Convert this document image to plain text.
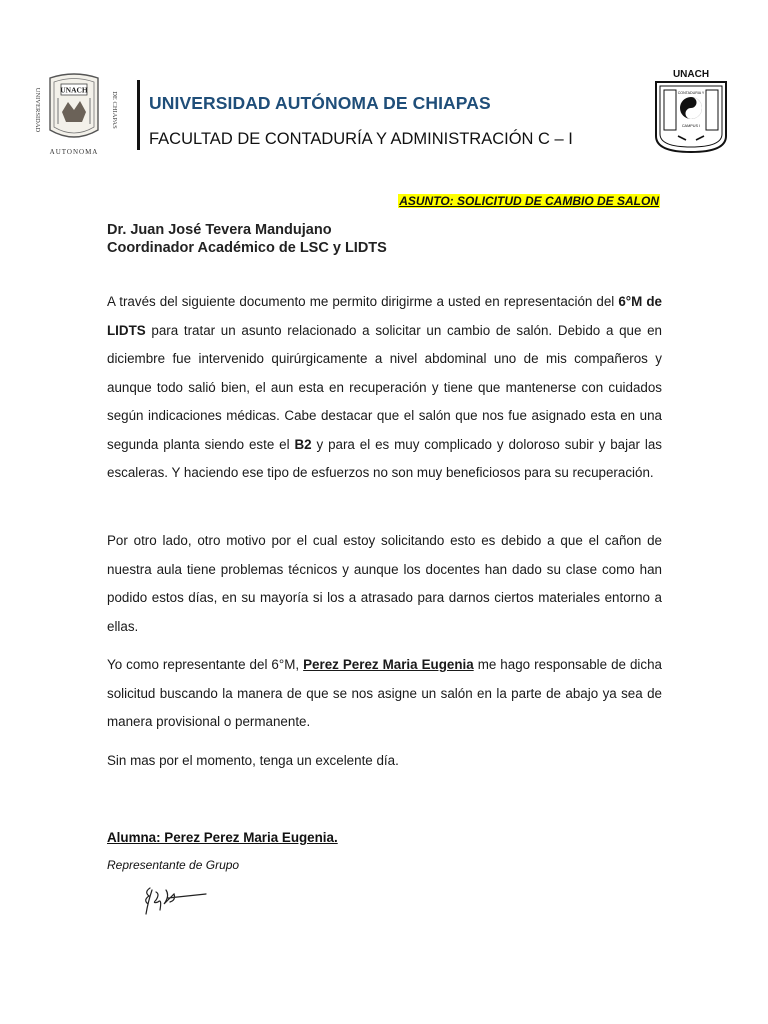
UNIVERSIDAD	DE CHIAPAS
UNACH
AUTONOMA
UNIVERSIDAD AUTÓNOMA DE CHIAPAS
FACULTAD DE CONTADURÍA Y ADMINISTRACIÓN C – I
UNACH
CONTADURIA Y
CAMPUS I
ASUNTO: SOLICITUD DE CAMBIO DE SALON
Dr. Juan José Tevera Mandujano
Coordinador Académico de LSC y LIDTS
A través del siguiente documento me permito dirigirme a usted en representación del 6°M de LIDTS para tratar un asunto relacionado a solicitar un cambio de salón. Debido a que en diciembre fue intervenido quirúrgicamente a nivel abdominal uno de mis compañeros y aunque todo salió bien, el aun esta en recuperación y tiene que mantenerse con cuidados según indicaciones médicas. Cabe destacar que el salón que nos fue asignado esta en una segunda planta siendo este el B2 y para el es muy complicado y doloroso subir y bajar las escaleras. Y haciendo ese tipo de esfuerzos no son muy beneficiosos para su recuperación.
Por otro lado, otro motivo por el cual estoy solicitando esto es debido a que el cañon de nuestra aula tiene problemas técnicos y aunque los docentes han dado su clase como han podido estos días, en su mayoría si los a atrasado para darnos ciertos materiales entorno a ellas.
Yo como representante del 6°M, Perez Perez Maria Eugenia me hago responsable de dicha solicitud buscando la manera de que se nos asigne un salón en la parte de abajo ya sea de manera provisional o permanente.
Sin mas por el momento, tenga un excelente día.
Alumna: Perez Perez Maria Eugenia.
Representante de Grupo
